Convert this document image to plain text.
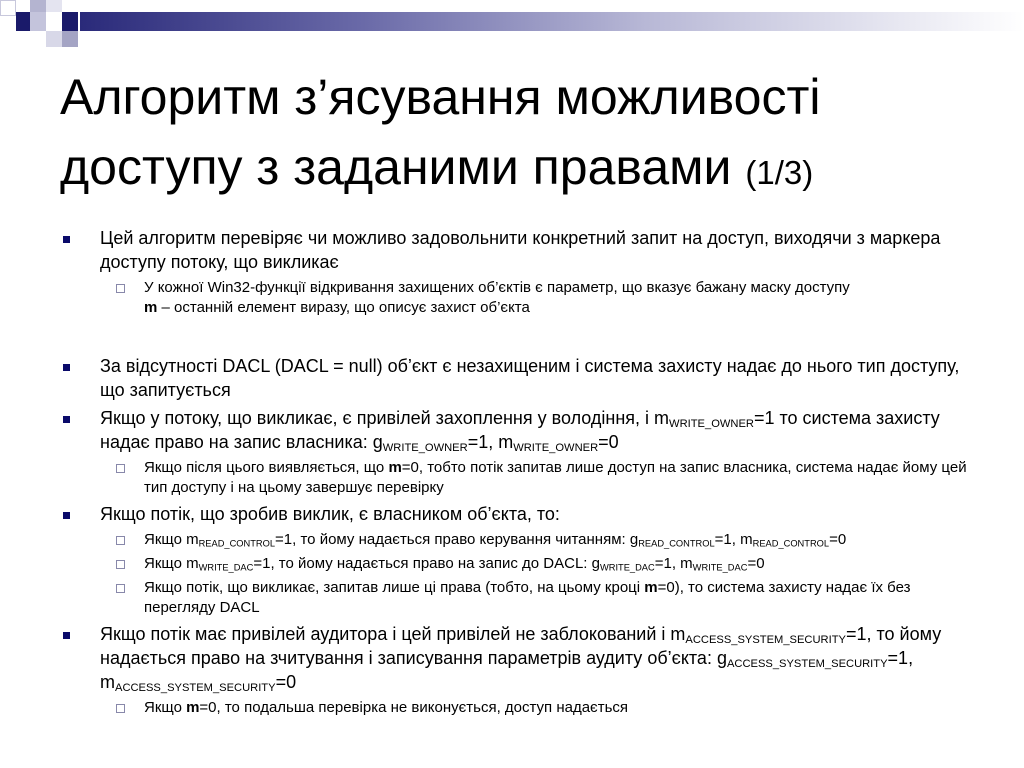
Алгоритм з’ясування можливості
доступу з заданими правами (1/3)

Цей алгоритм перевіряє чи можливо задовольнити конкретний запит на доступ, виходячи з маркера доступу потоку, що викликає

У кожної Win32-функції відкривання захищених об’єктів є параметр, що вказує бажану маску доступу
m – останній елемент виразу, що описує захист об’єкта

За відсутності DACL (DACL = null) об’єкт є незахищеним і система захисту надає до нього тип доступу, що запитується

Якщо у потоку, що викликає, є привілей захоплення у володіння, і $m_{WRITE\_OWNER}=1$ то система захисту надає право на запис власника: $g_{WRITE\_OWNER}=1$, $m_{WRITE\_OWNER}=0$

Якщо після цього виявляється, що m=0, тобто потік запитав лише доступ на запис власника, система надає йому цей тип доступу і на цьому завершує перевірку

Якщо потік, що зробив виклик, є власником об’єкта, то:

Якщо $m_{READ\_CONTROL}=1$, то йому надається право керування читанням: $g_{READ\_CONTROL}=1$, $m_{READ\_CONTROL}=0$

Якщо $m_{WRITE\_DAC}=1$, то йому надається право на запис до DACL: $g_{WRITE\_DAC}=1$, $m_{WRITE\_DAC}=0$

Якщо потік, що викликає, запитав лише ці права (тобто, на цьому кроці m=0), то система захисту надає їх без перегляду DACL

Якщо потік має привілей аудитора і цей привілей не заблокований і $m_{ACCESS\_SYSTEM\_SECURITY}=1$, то йому надається право на зчитування і записування параметрів аудиту об’єкта: $g_{ACCESS\_SYSTEM\_SECURITY}=1$, $m_{ACCESS\_SYSTEM\_SECURITY}=0$

Якщо m=0, то подальша перевірка не виконується, доступ надається
